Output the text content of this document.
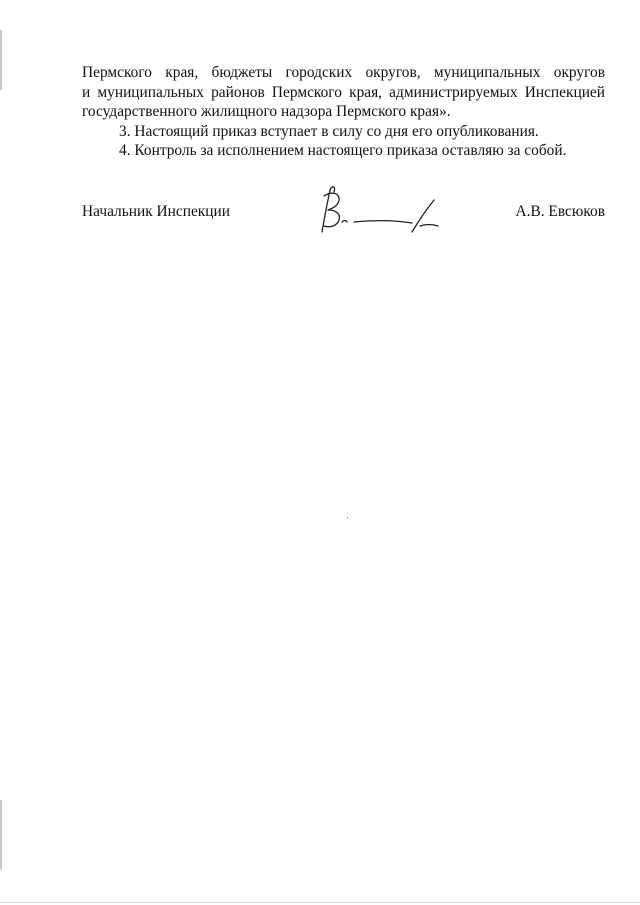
Пермского края, бюджеты городских округов, муниципальных округов

и муниципальных районов Пермского края, администрируемых Инспекцией

государственного жилищного надзора Пермского края».

3. Настоящий приказ вступает в силу со дня его опубликования.

4. Контроль за исполнением настоящего приказа оставляю за собой.

Начальник Инспекции	А.В. Евсюков
